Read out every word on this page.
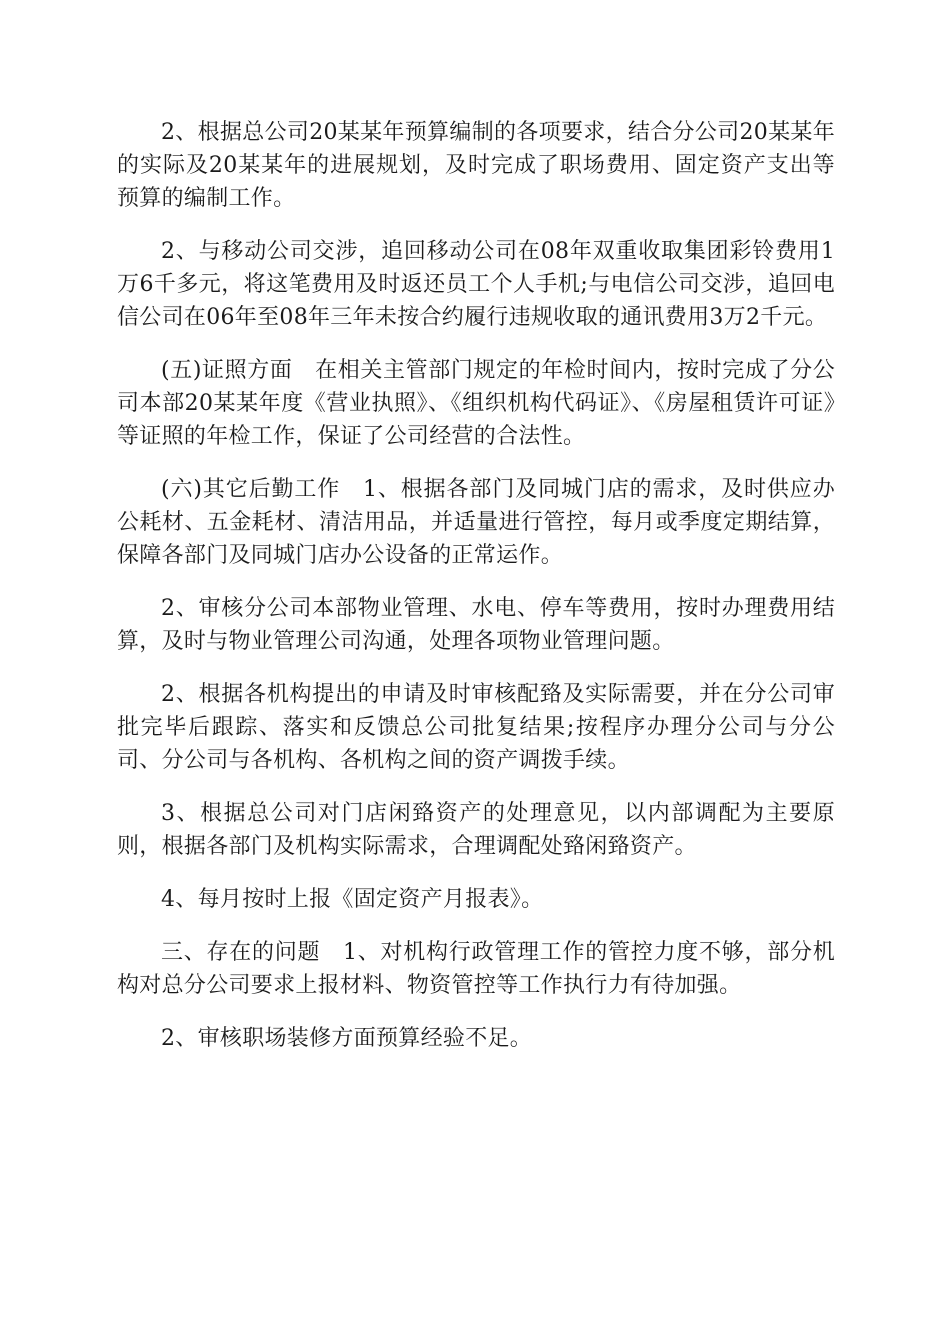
2、根据总公司20某某年预算编制的各项要求，结合分公司20某某年的实际及20某某年的进展规划，及时完成了职场费用、固定资产支出等预算的编制工作。

2、与移动公司交涉，追回移动公司在08年双重收取集团彩铃费用1万6千多元，将这笔费用及时返还员工个人手机;与电信公司交涉，追回电信公司在06年至08年三年未按合约履行违规收取的通讯费用3万2千元。

(五)证照方面　在相关主管部门规定的年检时间内，按时完成了分公司本部20某某年度《营业执照》、《组织机构代码证》、《房屋租赁许可证》等证照的年检工作，保证了公司经营的合法性。

(六)其它后勤工作　1、根据各部门及同城门店的需求，及时供应办公耗材、五金耗材、清洁用品，并适量进行管控，每月或季度定期结算，保障各部门及同城门店办公设备的正常运作。

2、审核分公司本部物业管理、水电、停车等费用，按时办理费用结算，及时与物业管理公司沟通，处理各项物业管理问题。

2、根据各机构提出的申请及时审核配臵及实际需要，并在分公司审批完毕后跟踪、落实和反馈总公司批复结果;按程序办理分公司与分公司、分公司与各机构、各机构之间的资产调拨手续。

3、根据总公司对门店闲臵资产的处理意见，以内部调配为主要原则，根据各部门及机构实际需求，合理调配处臵闲臵资产。

4、每月按时上报《固定资产月报表》。

三、存在的问题　1、对机构行政管理工作的管控力度不够，部分机构对总分公司要求上报材料、物资管控等工作执行力有待加强。

2、审核职场装修方面预算经验不足。
